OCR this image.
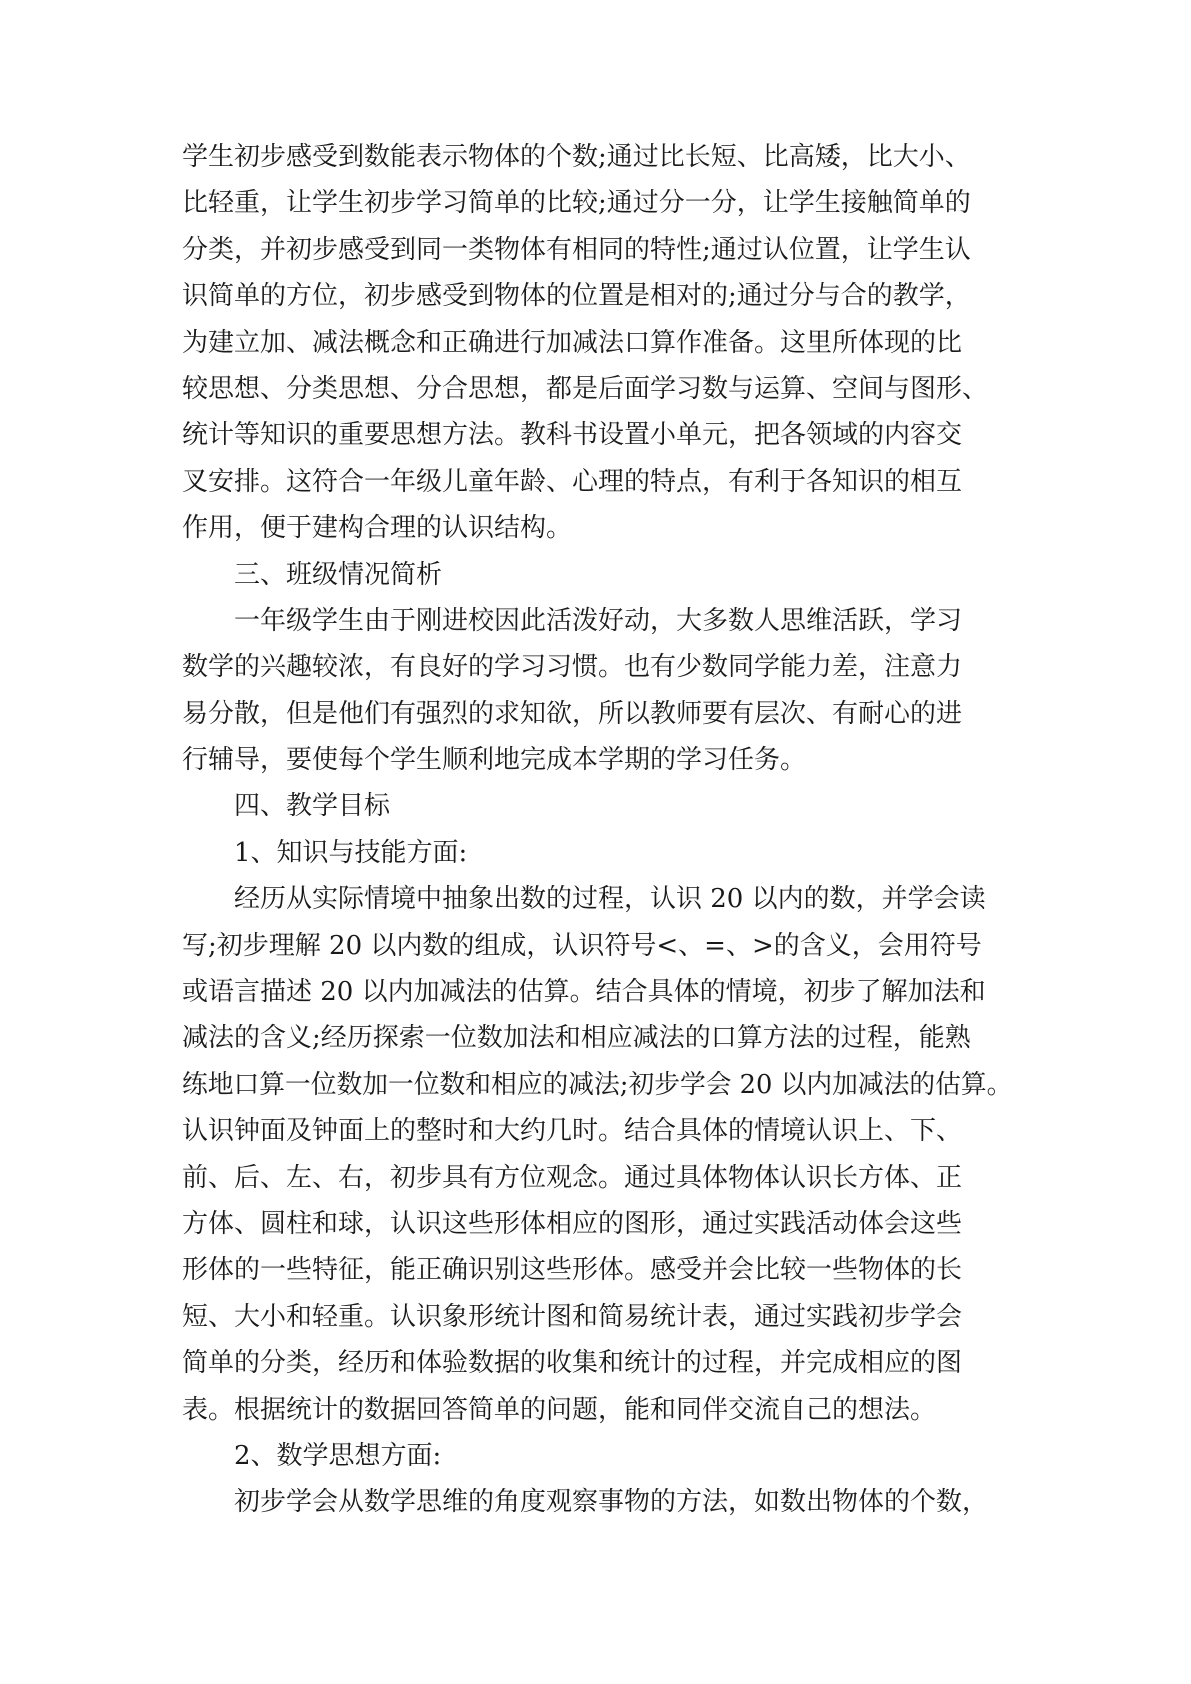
学生初步感受到数能表示物体的个数;通过比长短、比高矮，比大小、
比轻重，让学生初步学习简单的比较;通过分一分，让学生接触简单的
分类，并初步感受到同一类物体有相同的特性;通过认位置，让学生认
识简单的方位，初步感受到物体的位置是相对的;通过分与合的教学，
为建立加、减法概念和正确进行加减法口算作准备。这里所体现的比
较思想、分类思想、分合思想，都是后面学习数与运算、空间与图形、
统计等知识的重要思想方法。教科书设置小单元，把各领域的内容交
叉安排。这符合一年级儿童年龄、心理的特点，有利于各知识的相互
作用，便于建构合理的认识结构。
三、班级情况简析
一年级学生由于刚进校因此活泼好动，大多数人思维活跃，学习
数学的兴趣较浓，有良好的学习习惯。也有少数同学能力差，注意力
易分散，但是他们有强烈的求知欲，所以教师要有层次、有耐心的进
行辅导，要使每个学生顺利地完成本学期的学习任务。
四、教学目标
1、知识与技能方面:
经历从实际情境中抽象出数的过程，认识 20 以内的数，并学会读
写;初步理解 20 以内数的组成，认识符号<、=、>的含义，会用符号
或语言描述 20 以内加减法的估算。结合具体的情境，初步了解加法和
减法的含义;经历探索一位数加法和相应减法的口算方法的过程，能熟
练地口算一位数加一位数和相应的减法;初步学会 20 以内加减法的估算。
认识钟面及钟面上的整时和大约几时。结合具体的情境认识上、下、
前、后、左、右，初步具有方位观念。通过具体物体认识长方体、正
方体、圆柱和球，认识这些形体相应的图形，通过实践活动体会这些
形体的一些特征，能正确识别这些形体。感受并会比较一些物体的长
短、大小和轻重。认识象形统计图和简易统计表，通过实践初步学会
简单的分类，经历和体验数据的收集和统计的过程，并完成相应的图
表。根据统计的数据回答简单的问题，能和同伴交流自己的想法。
2、数学思想方面:
初步学会从数学思维的角度观察事物的方法，如数出物体的个数，
